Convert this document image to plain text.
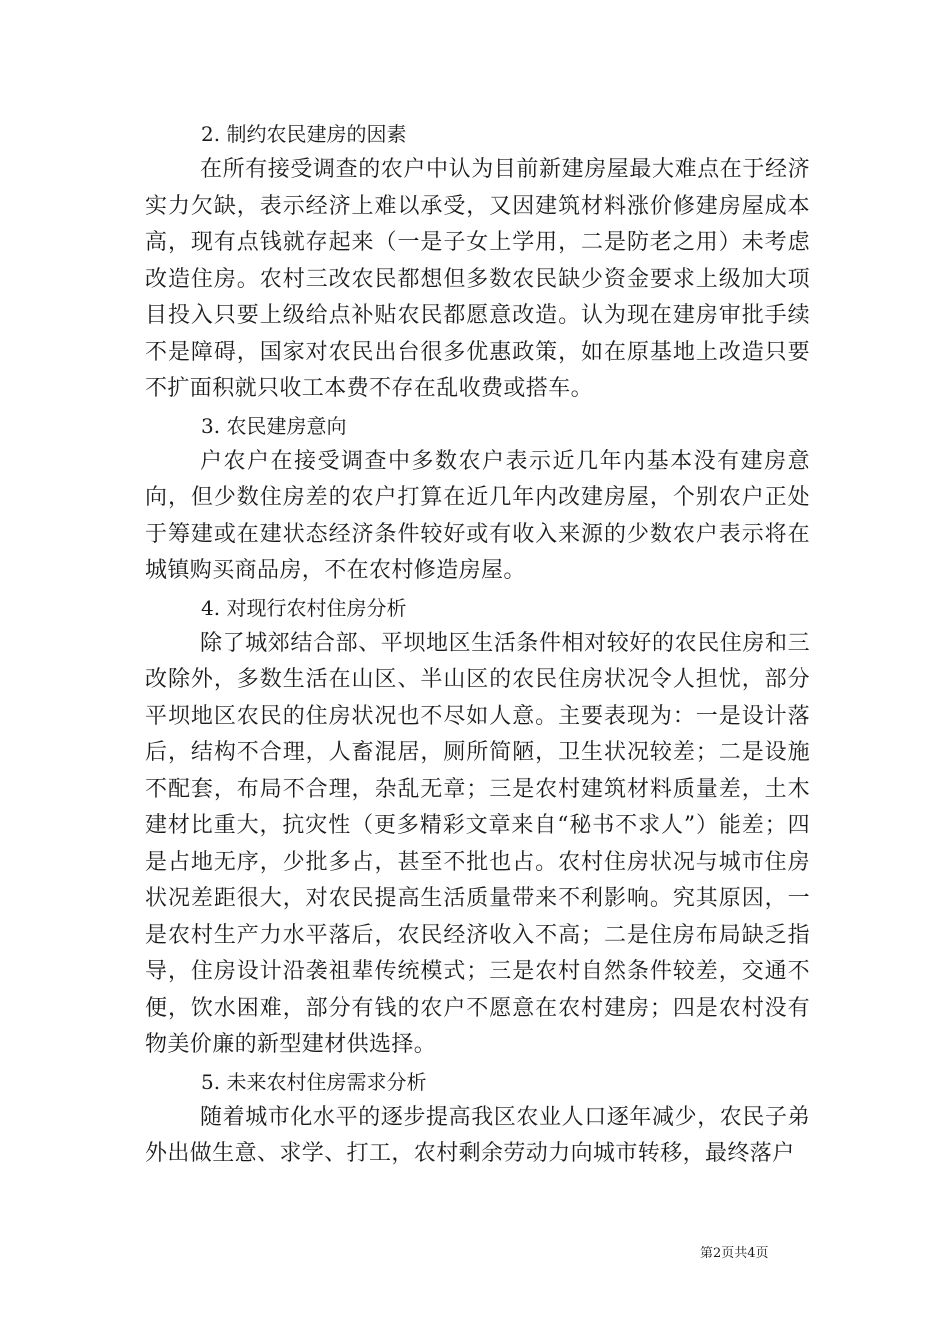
2. 制约农民建房的因素

在所有接受调查的农户中认为目前新建房屋最大难点在于经济实力欠缺，表示经济上难以承受，又因建筑材料涨价修建房屋成本高，现有点钱就存起来（一是子女上学用，二是防老之用）未考虑改造住房。农村三改农民都想但多数农民缺少资金要求上级加大项目投入只要上级给点补贴农民都愿意改造。认为现在建房审批手续不是障碍，国家对农民出台很多优惠政策，如在原基地上改造只要不扩面积就只收工本费不存在乱收费或搭车。

3. 农民建房意向

户农户在接受调查中多数农户表示近几年内基本没有建房意向，但少数住房差的农户打算在近几年内改建房屋，个别农户正处于筹建或在建状态经济条件较好或有收入来源的少数农户表示将在城镇购买商品房，不在农村修造房屋。

4. 对现行农村住房分析

除了城郊结合部、平坝地区生活条件相对较好的农民住房和三改除外，多数生活在山区、半山区的农民住房状况令人担忧，部分平坝地区农民的住房状况也不尽如人意。主要表现为：一是设计落后，结构不合理，人畜混居，厕所简陋，卫生状况较差；二是设施不配套，布局不合理，杂乱无章；三是农村建筑材料质量差，土木建材比重大，抗灾性（更多精彩文章来自“秘书不求人”）能差；四是占地无序，少批多占，甚至不批也占。农村住房状况与城市住房状况差距很大，对农民提高生活质量带来不利影响。究其原因，一是农村生产力水平落后，农民经济收入不高；二是住房布局缺乏指导，住房设计沿袭祖辈传统模式；三是农村自然条件较差，交通不便，饮水困难，部分有钱的农户不愿意在农村建房；四是农村没有物美价廉的新型建材供选择。

5. 未来农村住房需求分析

随着城市化水平的逐步提高我区农业人口逐年减少，农民子弟外出做生意、求学、打工，农村剩余劳动力向城市转移，最终落户

第2页共4页
